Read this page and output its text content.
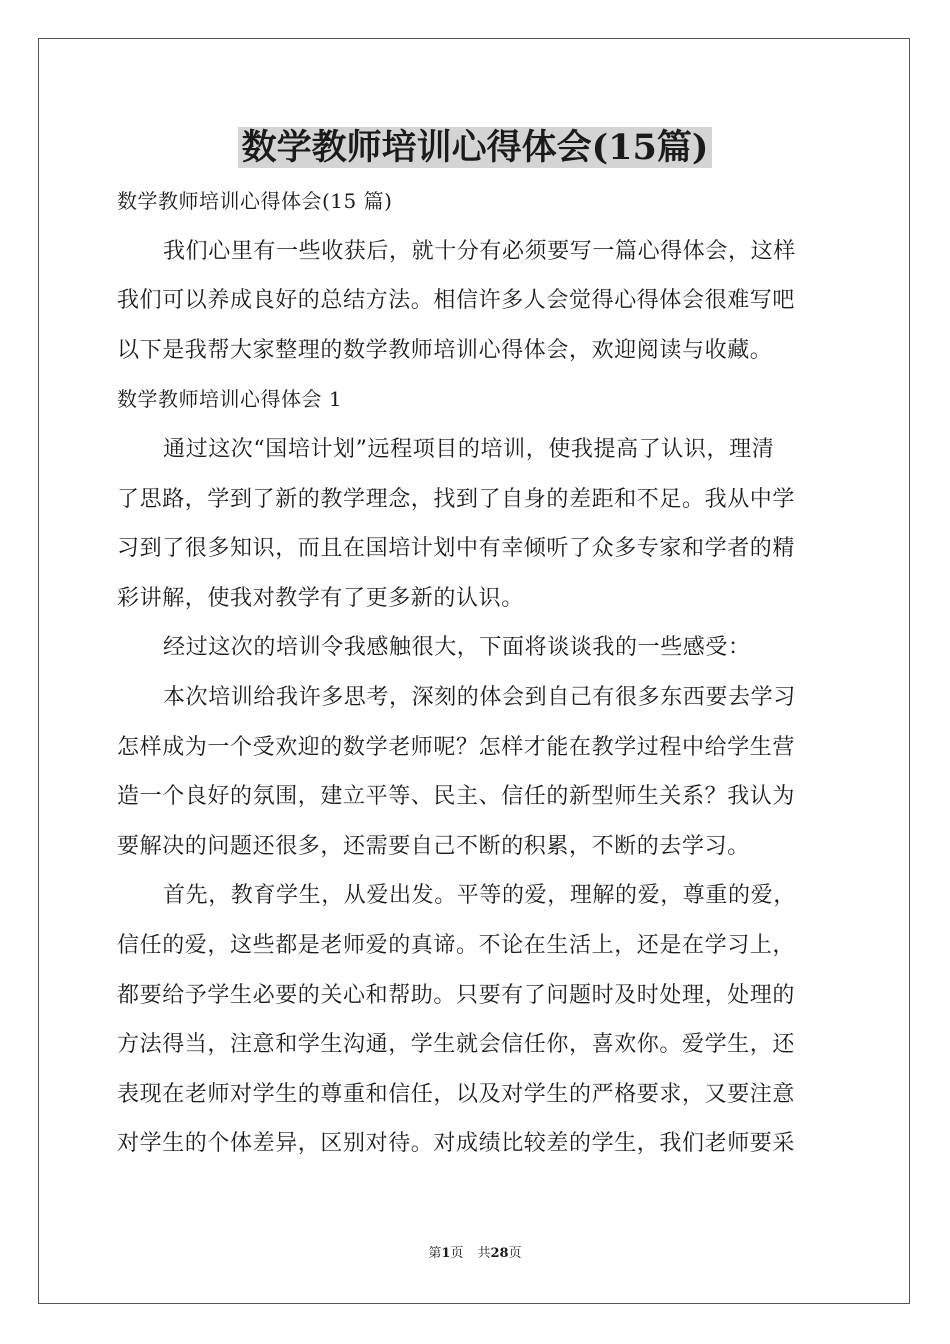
数学教师培训心得体会(15篇)
数学教师培训心得体会(15 篇)
我们心里有一些收获后，就十分有必须要写一篇心得体会，这样
我们可以养成良好的总结方法。相信许多人会觉得心得体会很难写吧
以下是我帮大家整理的数学教师培训心得体会，欢迎阅读与收藏。
数学教师培训心得体会 1
通过这次“国培计划”远程项目的培训，使我提高了认识，理清
了思路，学到了新的教学理念，找到了自身的差距和不足。我从中学
习到了很多知识，而且在国培计划中有幸倾听了众多专家和学者的精
彩讲解，使我对教学有了更多新的认识。
经过这次的培训令我感触很大，下面将谈谈我的一些感受：
本次培训给我许多思考，深刻的体会到自己有很多东西要去学习
怎样成为一个受欢迎的数学老师呢？怎样才能在教学过程中给学生营
造一个良好的氛围，建立平等、民主、信任的新型师生关系？我认为
要解决的问题还很多，还需要自己不断的积累，不断的去学习。
首先，教育学生，从爱出发。平等的爱，理解的爱，尊重的爱，
信任的爱，这些都是老师爱的真谛。不论在生活上，还是在学习上，
都要给予学生必要的关心和帮助。只要有了问题时及时处理，处理的
方法得当，注意和学生沟通，学生就会信任你，喜欢你。爱学生，还
表现在老师对学生的尊重和信任，以及对学生的严格要求，又要注意
对学生的个体差异，区别对待。对成绩比较差的学生，我们老师要采
第1页 共28页
